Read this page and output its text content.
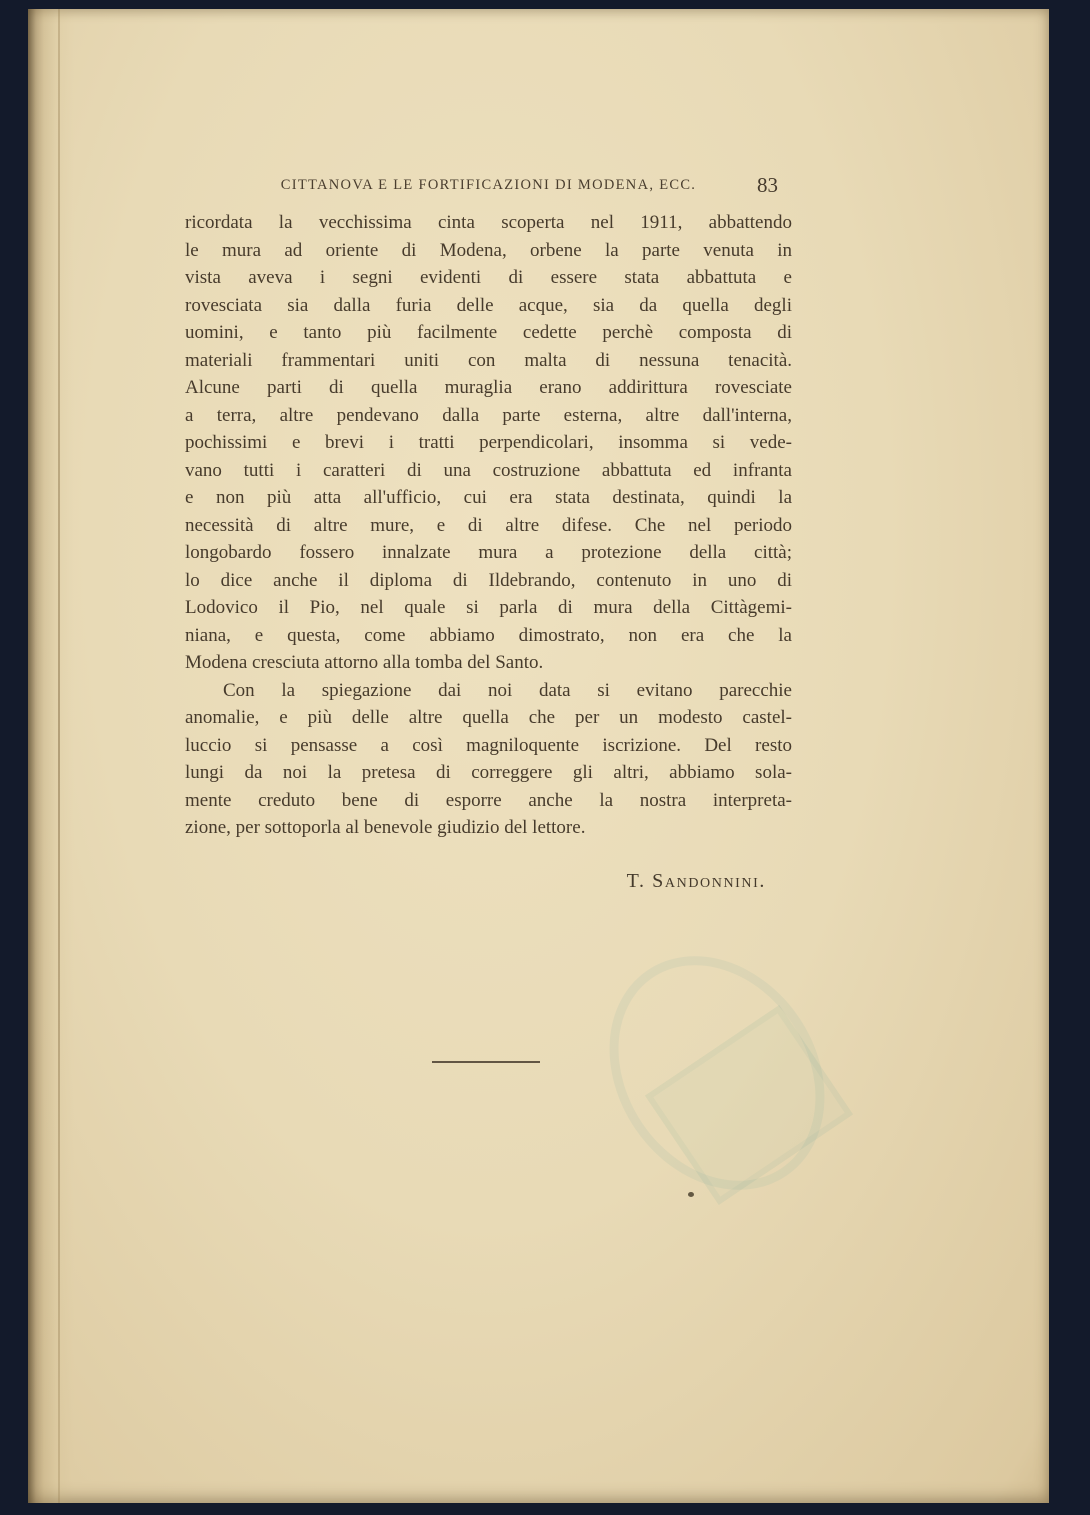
CITTANOVA E LE FORTIFICAZIONI DI MODENA, ECC.	83
ricordata la vecchissima cinta scoperta nel 1911, abbattendo
le mura ad oriente di Modena, orbene la parte venuta in
vista aveva i segni evidenti di essere stata abbattuta e
rovesciata sia dalla furia delle acque, sia da quella degli
uomini, e tanto più facilmente cedette perchè composta di
materiali frammentari uniti con malta di nessuna tenacità.
Alcune parti di quella muraglia erano addirittura rovesciate
a terra, altre pendevano dalla parte esterna, altre dall'interna,
pochissimi e brevi i tratti perpendicolari, insomma si vede-
vano tutti i caratteri di una costruzione abbattuta ed infranta
e non più atta all'ufficio, cui era stata destinata, quindi la
necessità di altre mure, e di altre difese. Che nel periodo
longobardo fossero innalzate mura a protezione della città;
lo dice anche il diploma di Ildebrando, contenuto in uno di
Lodovico il Pio, nel quale si parla di mura della Cittàgemi-
niana, e questa, come abbiamo dimostrato, non era che la
Modena cresciuta attorno alla tomba del Santo.
Con la spiegazione dai noi data si evitano parecchie
anomalie, e più delle altre quella che per un modesto castel-
luccio si pensasse a così magniloquente iscrizione. Del resto
lungi da noi la pretesa di correggere gli altri, abbiamo sola-
mente creduto bene di esporre anche la nostra interpreta-
zione, per sottoporla al benevole giudizio del lettore.
T. Sandonnini.
